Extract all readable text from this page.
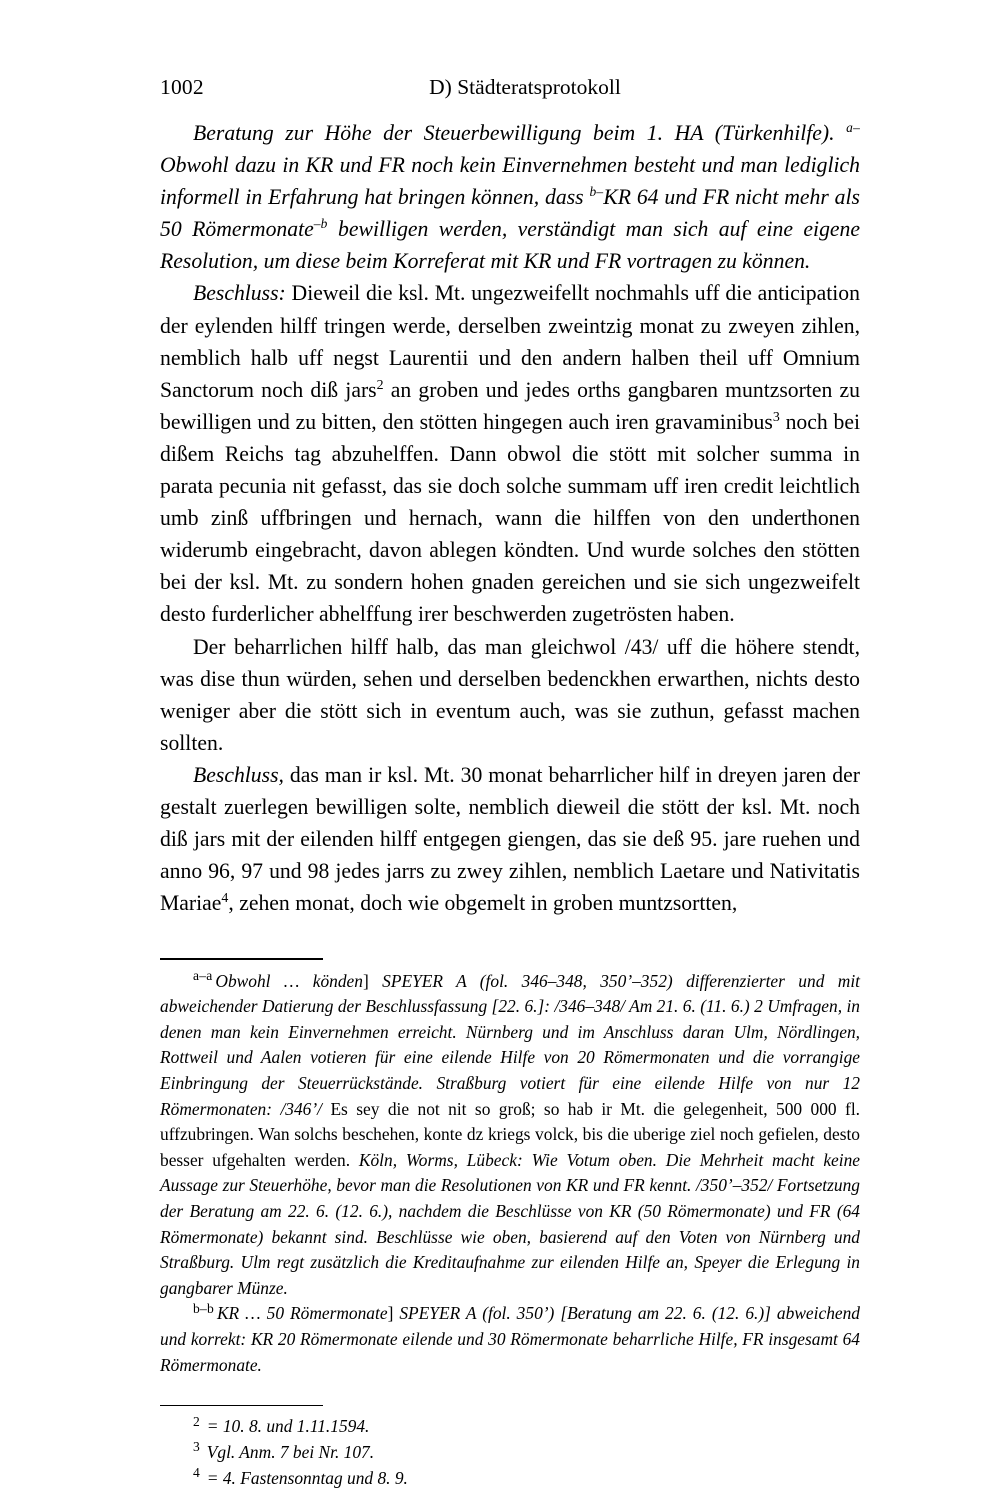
1002	D) Städteratsprotokoll

Beratung zur Höhe der Steuerbewilligung beim 1. HA (Türkenhilfe). $^{a-}$Obwohl dazu in KR und FR noch kein Einvernehmen besteht und man lediglich informell in Erfahrung hat bringen können, dass $^{b-}$KR 64 und FR nicht mehr als 50 Römermonate$^{-b}$ bewilligen werden, verständigt man sich auf eine eigene Resolution, um diese beim Korreferat mit KR und FR vortragen zu können.

Beschluss: Dieweil die ksl. Mt. ungezweifellt nochmahls uff die anticipation der eylenden hilff tringen werde, derselben zweintzig monat zu zweyen zihlen, nemblich halb uff negst Laurentii und den andern halben theil uff Omnium Sanctorum noch diß jars$^2$ an groben und jedes orths gangbaren muntzsorten zu bewilligen und zu bitten, den stötten hingegen auch iren gravaminibus$^3$ noch bei dißem Reichs tag abzuhelffen. Dann obwol die stött mit solcher summa in parata pecunia nit gefasst, das sie doch solche summam uff iren credit leichtlich umb zinß uffbringen und hernach, wann die hilffen von den underthonen widerumb eingebracht, davon ablegen köndten. Und wurde solches den stötten bei der ksl. Mt. zu sondern hohen gnaden gereichen und sie sich ungezweifelt desto furderlicher abhelffung irer beschwerden zugetrösten haben.

Der beharrlichen hilff halb, das man gleichwol /43/ uff die höhere stendt, was dise thun würden, sehen und derselben bedenckhen erwarthen, nichts desto weniger aber die stött sich in eventum auch, was sie zuthun, gefasst machen sollten.

Beschluss, das man ir ksl. Mt. 30 monat beharrlicher hilf in dreyen jaren der gestalt zuerlegen bewilligen solte, nemblich dieweil die stött der ksl. Mt. noch diß jars mit der eilenden hilff entgegen giengen, das sie deß 95. jare ruehen und anno 96, 97 und 98 jedes jarrs zu zwey zihlen, nemblich Laetare und Nativitatis Mariae$^4$, zehen monat, doch wie obgemelt in groben muntzsortten,

$^{a-a}$ Obwohl … könden] SPEYER A (fol. 346–348, 350’–352) differenzierter und mit abweichender Datierung der Beschlussfassung [22. 6.]: /346–348/ Am 21. 6. (11. 6.) 2 Umfragen, in denen man kein Einvernehmen erreicht. Nürnberg und im Anschluss daran Ulm, Nördlingen, Rottweil und Aalen votieren für eine eilende Hilfe von 20 Römermonaten und die vorrangige Einbringung der Steuerrückstände. Straßburg votiert für eine eilende Hilfe von nur 12 Römermonaten: /346’/ Es sey die not nit so groß; so hab ir Mt. die gelegenheit, 500 000 fl. uffzubringen. Wan solchs beschehen, konte dz kriegs volck, bis die uberige ziel noch gefielen, desto besser ufgehalten werden. Köln, Worms, Lübeck: Wie Votum oben. Die Mehrheit macht keine Aussage zur Steuerhöhe, bevor man die Resolutionen von KR und FR kennt. /350’–352/ Fortsetzung der Beratung am 22. 6. (12. 6.), nachdem die Beschlüsse von KR (50 Römermonate) und FR (64 Römermonate) bekannt sind. Beschlüsse wie oben, basierend auf den Voten von Nürnberg und Straßburg. Ulm regt zusätzlich die Kreditaufnahme zur eilenden Hilfe an, Speyer die Erlegung in gangbarer Münze.

$^{b-b}$ KR … 50 Römermonate] SPEYER A (fol. 350’) [Beratung am 22. 6. (12. 6.)] abweichend und korrekt: KR 20 Römermonate eilende und 30 Römermonate beharrliche Hilfe, FR insgesamt 64 Römermonate.

$^2$ = 10. 8. und 1.11.1594.

$^3$ Vgl. Anm. 7 bei Nr. 107.

$^4$ = 4. Fastensonntag und 8. 9.
